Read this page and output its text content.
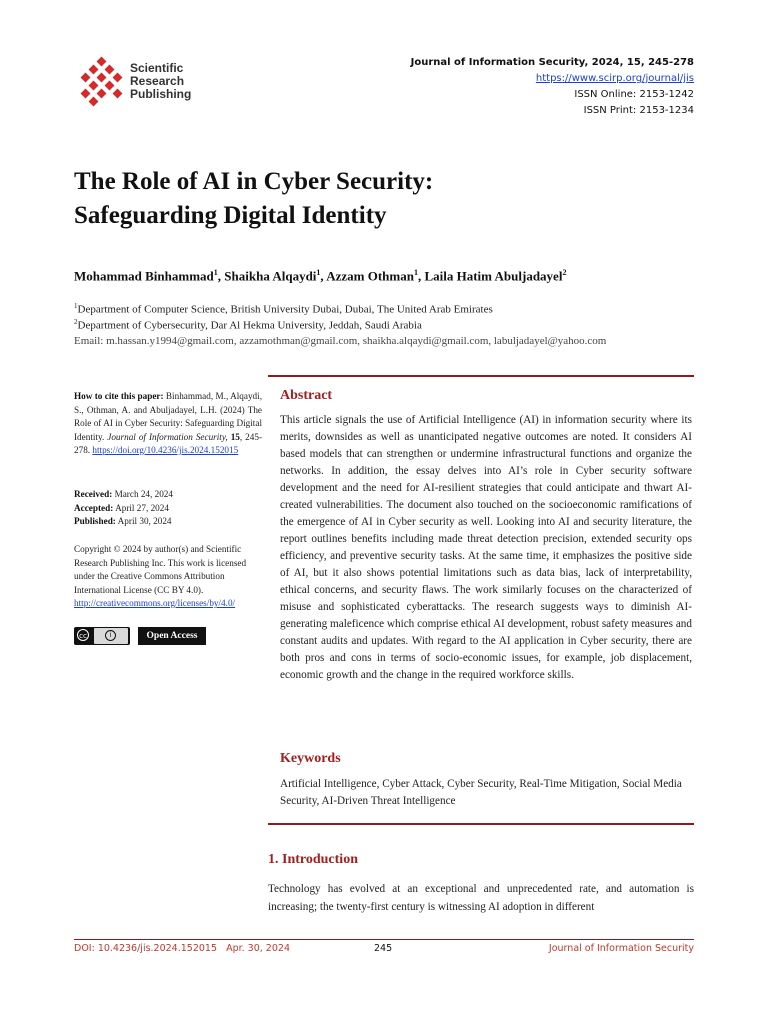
Scientific
Research
Publishing
Journal of Information Security, 2024, 15, 245-278
https://www.scirp.org/journal/jis
ISSN Online: 2153-1242
ISSN Print: 2153-1234
The Role of AI in Cyber Security:
Safeguarding Digital Identity
Mohammad Binhammad$^1$, Shaikha Alqaydi$^1$, Azzam Othman$^1$, Laila Hatim Abuljadayel$^2$
$^1$Department of Computer Science, British University Dubai, Dubai, The United Arab Emirates
$^2$Department of Cybersecurity, Dar Al Hekma University, Jeddah, Saudi Arabia
Email: m.hassan.y1994@gmail.com, azzamothman@gmail.com, shaikha.alqaydi@gmail.com, labuljadayel@yahoo.com
How to cite this paper: Binhammad, M., Alqaydi, S., Othman, A. and Abuljadayel, L.H. (2024) The Role of AI in Cyber Security: Safeguarding Digital Identity. Journal of Information Security, 15, 245-278. https://doi.org/10.4236/jis.2024.152015
Received: March 24, 2024
Accepted: April 27, 2024
Published: April 30, 2024
Copyright © 2024 by author(s) and Scientific Research Publishing Inc. This work is licensed under the Creative Commons Attribution International License (CC BY 4.0).
http://creativecommons.org/licenses/by/4.0/
cc	i	Open Access
Abstract
This article signals the use of Artificial Intelligence (AI) in information security where its merits, downsides as well as unanticipated negative outcomes are noted. It considers AI based models that can strengthen or undermine infrastructural functions and organize the networks. In addition, the essay delves into AI’s role in Cyber security software development and the need for AI-resilient strategies that could anticipate and thwart AI-created vulnerabilities. The document also touched on the socioeconomic ramifications of the emergence of AI in Cyber security as well. Looking into AI and security literature, the report outlines benefits including made threat detection precision, extended security ops efficiency, and preventive security tasks. At the same time, it emphasizes the positive side of AI, but it also shows potential limitations such as data bias, lack of interpretability, ethical concerns, and security flaws. The work similarly focuses on the characterized of misuse and sophisticated cyberattacks. The research suggests ways to diminish AI-generating maleficence which comprise ethical AI development, robust safety measures and constant audits and updates. With regard to the AI application in Cyber security, there are both pros and cons in terms of socio-economic issues, for example, job displacement, economic growth and the change in the required workforce skills.
Keywords
Artificial Intelligence, Cyber Attack, Cyber Security, Real-Time Mitigation, Social Media Security, AI-Driven Threat Intelligence
1. Introduction
Technology has evolved at an exceptional and unprecedented rate, and automation is increasing; the twenty-first century is witnessing AI adoption in different
DOI: 10.4236/jis.2024.152015 Apr. 30, 2024	245	Journal of Information Security
